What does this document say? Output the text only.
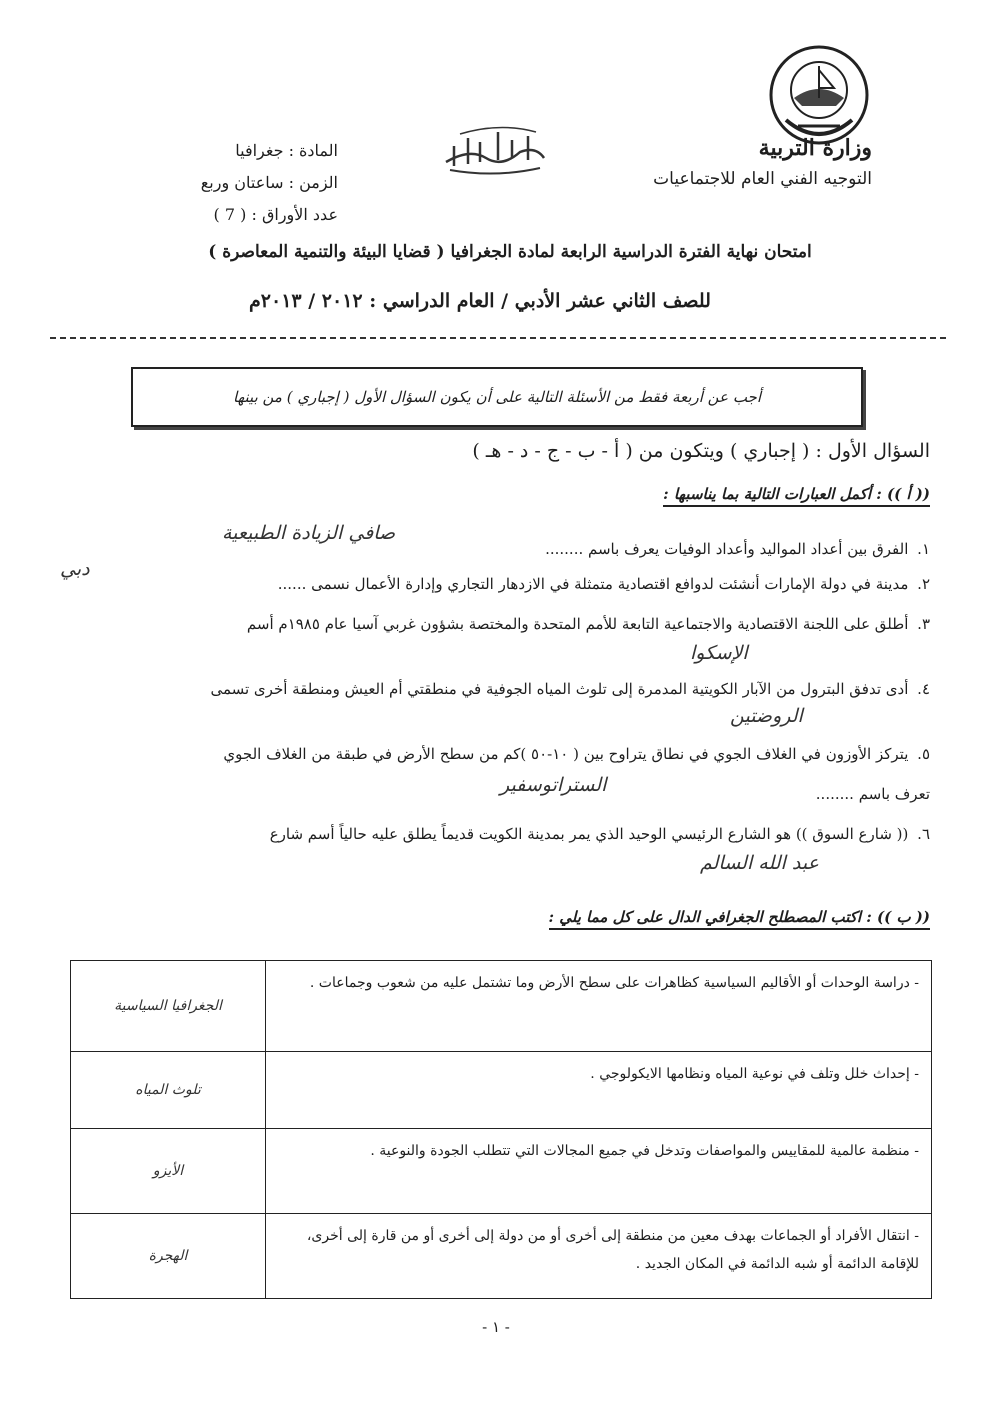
وزارة التربية
التوجيه الفني العام للاجتماعيات
المادة : جغرافيا
الزمن : ساعتان وربع
عدد الأوراق : ( 7 )
امتحان نهاية الفترة الدراسية الرابعة لمادة الجغرافيا ( قضايا البيئة والتنمية المعاصرة )
للصف الثاني عشر الأدبي / العام الدراسي : ٢٠١٢ / ٢٠١٣م
أجب عن أربعة فقط من الأسئلة التالية على أن يكون السؤال الأول ( إجباري ) من بينها
السؤال الأول : ( إجباري ) ويتكون من ( أ - ب - ج - د - هـ )
(( أ )) : أكمل العبارات التالية بما يناسبها :
١. الفرق بين أعداد المواليد وأعداد الوفيات يعرف باسم ........
صافي الزيادة الطبيعية
٢. مدينة في دولة الإمارات أنشئت لدوافع اقتصادية متمثلة في الازدهار التجاري وإدارة الأعمال نسمى ......
دبي
٣. أطلق على اللجنة الاقتصادية والاجتماعية التابعة للأمم المتحدة والمختصة بشؤون غربي آسيا عام ١٩٨٥م أسم
الإسكوا
٤. أدى تدفق البترول من الآبار الكويتية المدمرة إلى تلوث المياه الجوفية في منطقتي أم العيش ومنطقة أخرى تسمى
الروضتين
٥. يتركز الأوزون في الغلاف الجوي في نطاق يتراوح بين ( ١٠-٥٠ )كم من سطح الأرض في طبقة من الغلاف الجوي
تعرف باسم ........
الستراتوسفير
٦. (( شارع السوق )) هو الشارع الرئيسي الوحيد الذي يمر بمدينة الكويت قديماً يطلق عليه حالياً أسم شارع
عبد الله السالم
(( ب )) : اكتب المصطلح الجغرافي الدال على كل مما يلي :
- دراسة الوحدات أو الأقاليم السياسية كظاهرات على سطح الأرض وما تشتمل عليه من شعوب وجماعات .	الجغرافيا السياسية
- إحداث خلل وتلف في نوعية المياه ونظامها الايكولوجي .	تلوث المياه
- منظمة عالمية للمقاييس والمواصفات وتدخل في جميع المجالات التي تتطلب الجودة والنوعية .	الأيزو
- انتقال الأفراد أو الجماعات بهدف معين من منطقة إلى أخرى أو من دولة إلى أخرى أو من قارة إلى أخرى، للإقامة الدائمة أو شبه الدائمة في المكان الجديد .	الهجرة
- ١ -
